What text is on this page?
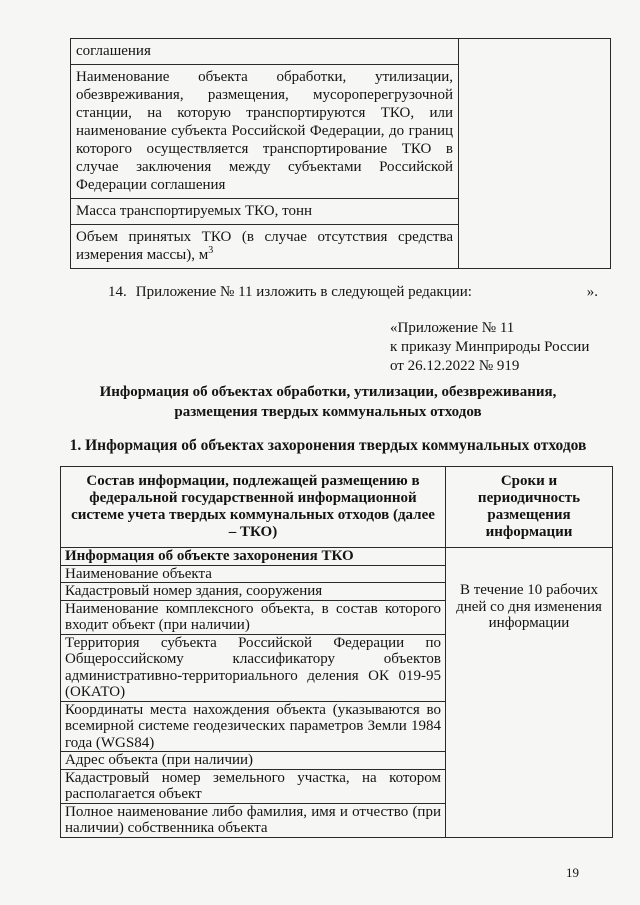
соглашения	
Наименование объекта обработки, утилизации, обезвреживания, размещения, мусороперегрузочной станции, на которую транспортируются ТКО, или наименование субъекта Российской Федерации, до границ которого осуществляется транспортирование ТКО в случае заключения между субъектами Российской Федерации соглашения
Масса транспортируемых ТКО, тонн
Объем принятых ТКО (в случае отсутствия средства измерения массы), $м^3$
14. Приложение № 11 изложить в следующей редакции:	».
«Приложение № 11
к приказу Минприроды России
от 26.12.2022 № 919
Информация об объектах обработки, утилизации, обезвреживания, размещения твердых коммунальных отходов
1. Информация об объектах захоронения твердых коммунальных отходов
Состав информации, подлежащей размещению в федеральной государственной информационной системе учета твердых коммунальных отходов (далее – ТКО)	Сроки и периодичность размещения информации
Информация об объекте захоронения ТКО	В течение 10 рабочих дней со дня изменения информации
Наименование объекта	
Кадастровый номер здания, сооружения	
Наименование комплексного объекта, в состав которого входит объект (при наличии)	
Территория субъекта Российской Федерации по Общероссийскому классификатору объектов административно-территориального деления ОК 019-95 (ОКАТО)	
Координаты места нахождения объекта (указываются во всемирной системе геодезических параметров Земли 1984 года (WGS84)	
Адрес объекта (при наличии)	
Кадастровый номер земельного участка, на котором располагается объект	
Полное наименование либо фамилия, имя и отчество (при наличии) собственника объекта	
19
